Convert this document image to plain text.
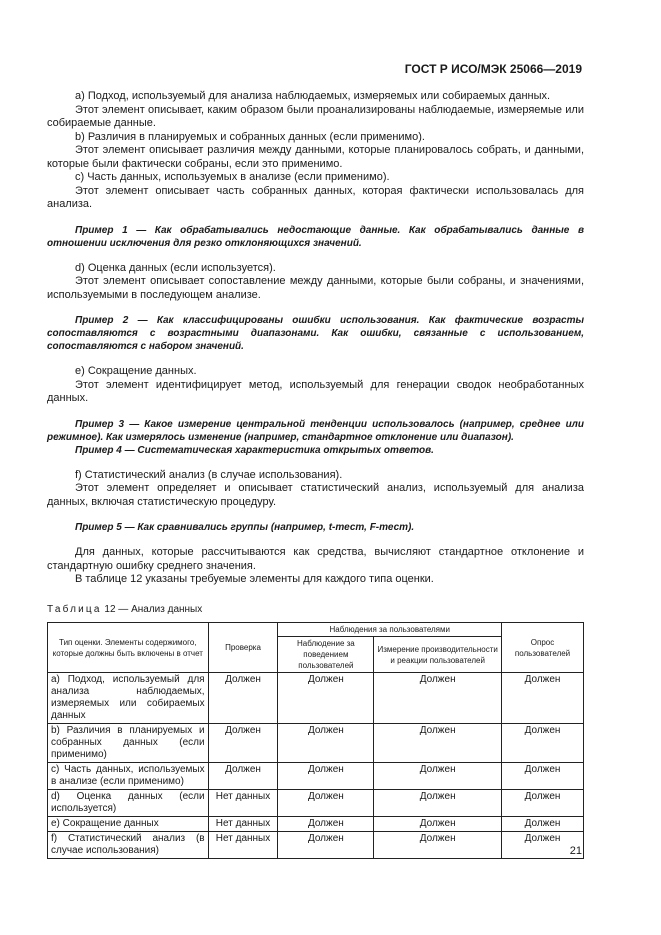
ГОСТ Р ИСО/МЭК 25066—2019

a) Подход, используемый для анализа наблюдаемых, измеряемых или собираемых данных.

Этот элемент описывает, каким образом были проанализированы наблюдаемые, измеряемые или собираемые данные.

b) Различия в планируемых и собранных данных (если применимо).

Этот элемент описывает различия между данными, которые планировалось собрать, и данными, которые были фактически собраны, если это применимо.

c) Часть данных, используемых в анализе (если применимо).

Этот элемент описывает часть собранных данных, которая фактически использовалась для анализа.

Пример 1 — Как обрабатывались недостающие данные. Как обрабатывались данные в отношении исключения для резко отклоняющихся значений.

d) Оценка данных (если используется).

Этот элемент описывает сопоставление между данными, которые были собраны, и значениями, используемыми в последующем анализе.

Пример 2 — Как классифицированы ошибки использования. Как фактические возрасты сопоставляются с возрастными диапазонами. Как ошибки, связанные с использованием, сопоставляются с набором значений.

e) Сокращение данных.

Этот элемент идентифицирует метод, используемый для генерации сводок необработанных данных.

Пример 3 — Какое измерение центральной тенденции использовалось (например, среднее или режимное). Как измерялось изменение (например, стандартное отклонение или диапазон).

Пример 4 — Систематическая характеристика открытых ответов.

f) Статистический анализ (в случае использования).

Этот элемент определяет и описывает статистический анализ, используемый для анализа данных, включая статистическую процедуру.

Пример 5 — Как сравнивались группы (например, t-тест, F-тест).

Для данных, которые рассчитываются как средства, вычисляют стандартное отклонение и стандартную ошибку среднего значения.

В таблице 12 указаны требуемые элементы для каждого типа оценки.

Таблица 12 — Анализ данных
Тип оценки. Элементы содержимого, которые должны быть включены в отчет	Проверка	Наблюдения за пользователями		Опрос пользователей
		Наблюдение за поведением пользователей	Измерение производительности и реакции пользователей	
a) Подход, используемый для анализа наблюдаемых, измеряемых или собираемых данных	Должен	Должен	Должен	Должен
b) Различия в планируемых и собранных данных (если применимо)	Должен	Должен	Должен	Должен
c) Часть данных, используемых в анализе (если применимо)	Должен	Должен	Должен	Должен
d) Оценка данных (если используется)	Нет данных	Должен	Должен	Должен
e) Сокращение данных	Нет данных	Должен	Должен	Должен
f) Статистический анализ (в случае использования)	Нет данных	Должен	Должен	Должен
21
